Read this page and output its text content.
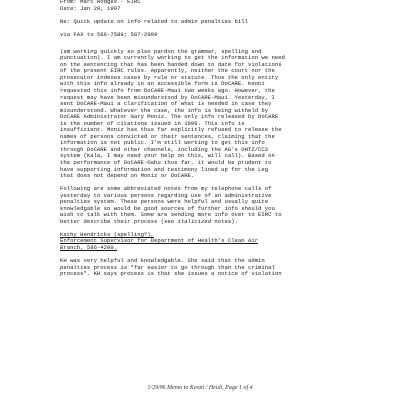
From: Marc Rodges - EIRC
Date: Jan 29, 1997
Re: Quick update on info related to admin penalties bill
via FAX to 586-7589; 587-2999
(am working quickly so plso pardon the grammar, spelling and
punctuation). I am currently working to get the information we need
on the sentencing that has been handed down to date for violations
of the present EIRC rules. Apparently, neither the court nor the
prosecutor indexes cases by rule or statute. Thus the only entity
with this info already in an accessible form is DoCARE. Keoni
requested this info from DoCARE-Maui two weeks ago. However, the
request may have been misunderstood by DoCARE-Maui. Yesterday, I
sent DoCARE-Maui a clarification of what is needed in case they
misunderstood. Whatever the case, the info is being witheld by
DoCARE Administrator Gary Moniz. The only info released by DoCARE
is the number of citations issued in 1996. This info is
insufficient. Moniz has thus far explicitly refused to release the
names of persons convicted or their sentences, claiming that the
information is not public. I'm still working to get this info
through DoCARE and other channels, including the AG's OHTZ/CCS
system (Kala, I may need your help on this, will call). Based on
the performance of DoCARE-Oahu thus far, it would be prudent to
have supporting information and testimony lined up for the Leg
that does not depend on Moniz or DoCARE.
Following are some abbreviated notes from my telephone calls of
yesterday to various persons regarding use of an administrative
penalties system. These persons were helpful and usually quite
knowledgable so would be good sources of further info should you
wish to talk with them. Some are sending more info over to EIRC to
better describe their process (see italicized notes).
Kathy Hendricks (spelling?),
Enforcement Supervisor for Department of Health's Clean Air
Branch, 586-4200.
KH was very helpful and knowledgable. She said that the admin
penalties process is "far easier to go through than the criminal
process". KH says process is that she issues a notice of violation
1/29/96 Memo to Keoni / Heidi, Page 1 of 4
